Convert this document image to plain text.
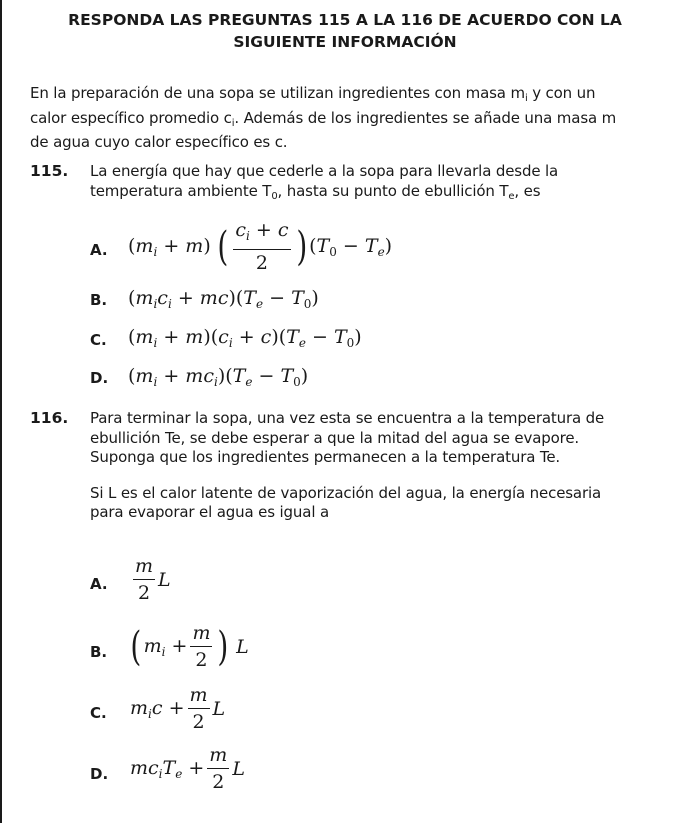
RESPONDA LAS PREGUNTAS 115 A LA 116 DE ACUERDO CON LA
SIGUIENTE INFORMACIÓN
En la preparación de una sopa se utilizan ingredientes con masa $m_i$ y con un
calor específico promedio $c_i$. Además de los ingredientes se añade una masa m
de agua cuyo calor específico es c.
115. La energía que hay que cederle a la sopa para llevarla desde la
temperatura ambiente $T_0$, hasta su punto de ebullición $T_e$, es
A. $(m_i + m)$ ( $\frac{c_i + c}{2}$ ) $(T_0 - T_e)$
B. $(m_ic_i + mc)(T_e - T_0)$
C. $(m_i + m)(c_i + c)(T_e - T_0)$
D. $(m_i + mc_i)(T_e - T_0)$
116. Para terminar la sopa, una vez esta se encuentra a la temperatura de
ebullición Te, se debe esperar a que la mitad del agua se evapore.
Suponga que los ingredientes permanecen a la temperatura Te.
Si L es el calor latente de vaporización del agua, la energía necesaria
para evaporar el agua es igual a
A. $\frac{m}{2}$ L
B. ( $m_i + \frac{m}{2}$ ) L
C. $m_ic + \frac{m}{2}$ L
D. $mc_iT_e + \frac{m}{2}$ L
